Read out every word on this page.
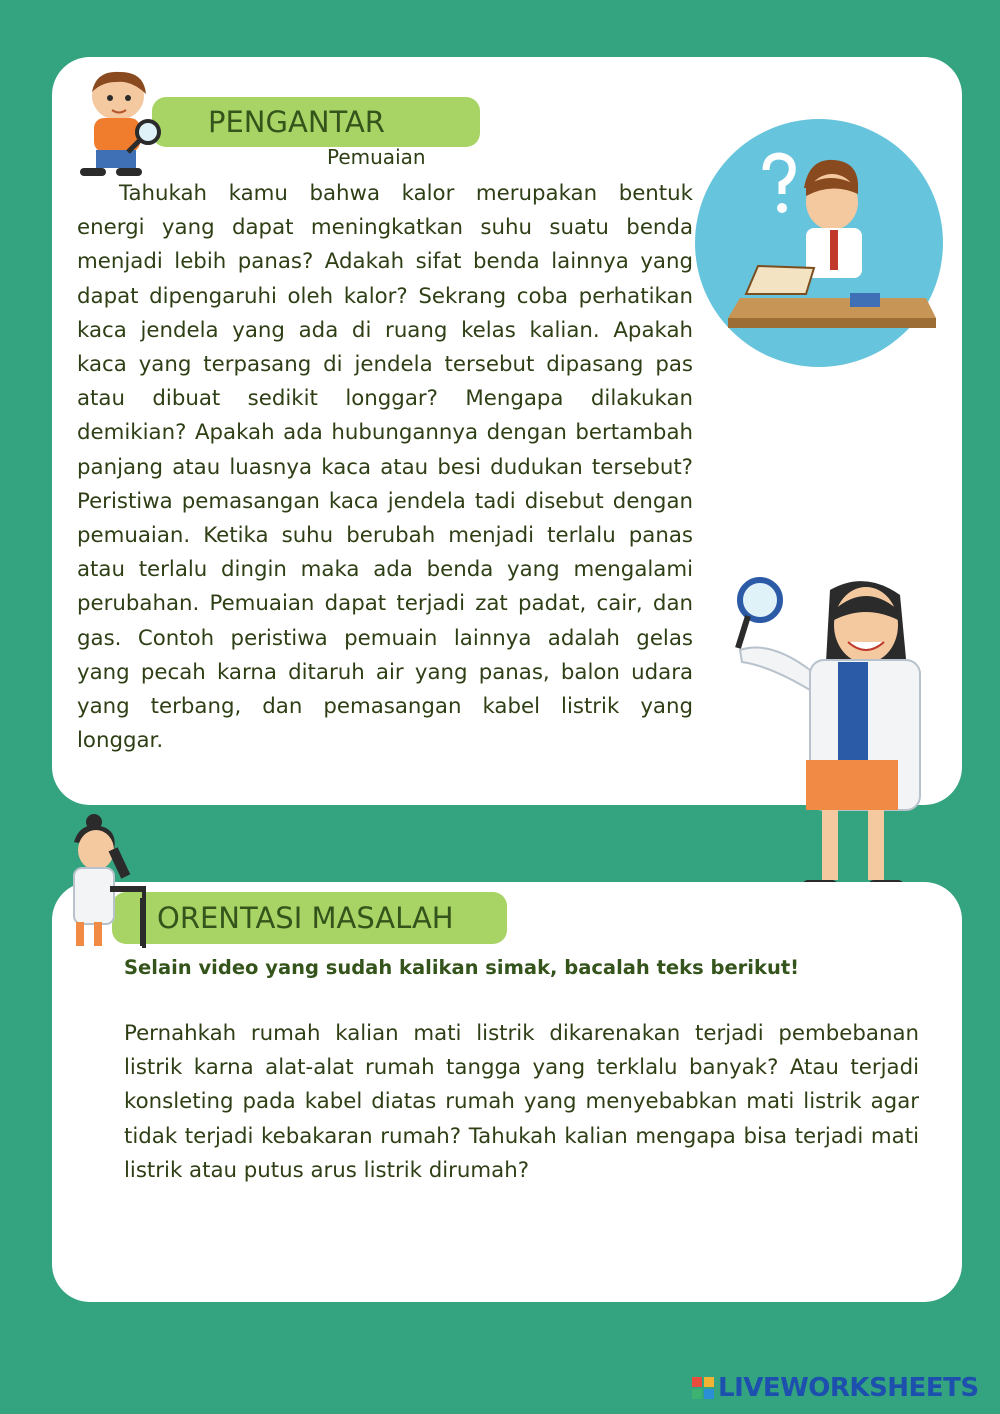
PENGANTAR
Pemuaian

Tahukah kamu bahwa kalor merupakan bentuk energi yang dapat meningkatkan suhu suatu benda menjadi lebih panas? Adakah sifat benda lainnya yang dapat dipengaruhi oleh kalor? Sekrang coba perhatikan kaca jendela yang ada di ruang kelas kalian. Apakah kaca yang terpasang di jendela tersebut dipasang pas atau dibuat sedikit longgar? Mengapa dilakukan demikian? Apakah ada hubungannya dengan bertambah panjang atau luasnya kaca atau besi dudukan tersebut? Peristiwa pemasangan kaca jendela tadi disebut dengan pemuaian. Ketika suhu berubah menjadi terlalu panas atau terlalu dingin maka ada benda yang mengalami perubahan. Pemuaian dapat terjadi zat padat, cair, dan gas. Contoh peristiwa pemuain lainnya adalah gelas yang pecah karna ditaruh air yang panas, balon udara yang terbang, dan pemasangan kabel listrik yang longgar.

ORENTASI MASALAH

Selain video yang sudah kalikan simak, bacalah teks berikut!

Pernahkah rumah kalian mati listrik dikarenakan terjadi pembebanan listrik karna alat-alat rumah tangga yang terklalu banyak? Atau terjadi konsleting pada kabel diatas rumah yang menyebabkan mati listrik agar tidak terjadi kebakaran rumah? Tahukah kalian mengapa bisa terjadi mati listrik atau putus arus listrik dirumah?

LIVEWORKSHEETS
